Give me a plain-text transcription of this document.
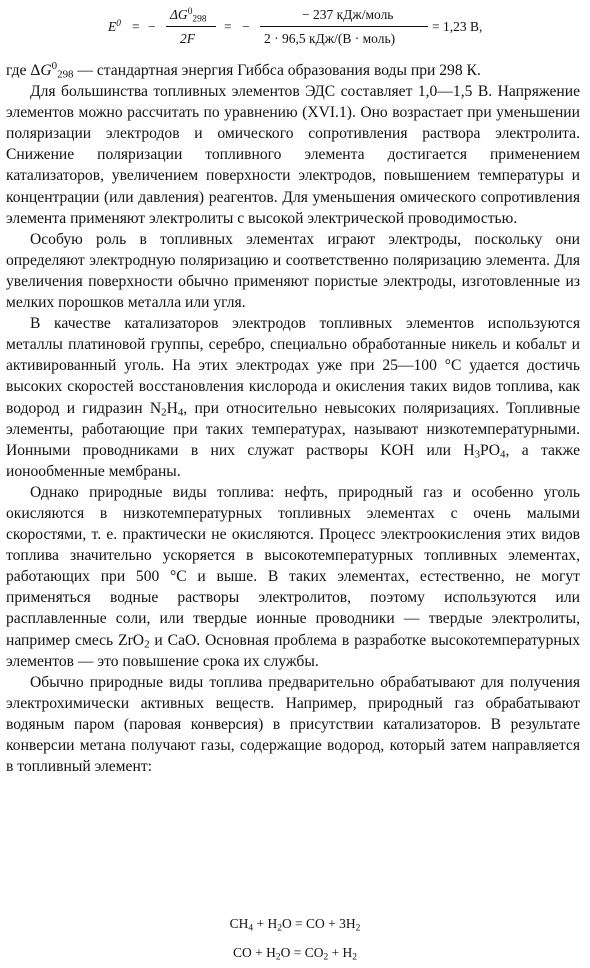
$E^0$ = −
$\Delta G^0_{298}$
2F
= −
− 237 кДж/моль
2 · 96,5 кДж/(В · моль)
= 1,23 В,

где $\Delta G^0_{298}$ — стандартная энергия Гиббса образования воды при 298 К.

Для большинства топливных элементов ЭДС составляет 1,0—1,5 В. Напряжение элементов можно рассчитать по уравнению (XVI.1). Оно возрастает при уменьшении поляризации электродов и омического сопротивления раствора электролита. Снижение поляризации топливного элемента достигается применением катализаторов, увеличением поверхности электродов, повышением температуры и концентрации (или давления) реагентов. Для уменьшения омического сопротивления элемента применяют электролиты с высокой электрической проводимостью.

Особую роль в топливных элементах играют электроды, поскольку они определяют электродную поляризацию и соответственно поляризацию элемента. Для увеличения поверхности обычно применяют пористые электроды, изготовленные из мелких порошков металла или угля.

В качестве катализаторов электродов топливных элементов используются металлы платиновой группы, серебро, специально обработанные никель и кобальт и активированный уголь. На этих электродах уже при 25—100 °С удается достичь высоких скоростей восстановления кислорода и окисления таких видов топлива, как водород и гидразин $N_2H_4$, при относительно невысоких поляризациях. Топливные элементы, работающие при таких температурах, называют низкотемпературными. Ионными проводниками в них служат растворы KOH или $H_3PO_4$, а также ионообменные мембраны.

Однако природные виды топлива: нефть, природный газ и особенно уголь окисляются в низкотемпературных топливных элементах с очень малыми скоростями, т. е. практически не окисляются. Процесс электроокисления этих видов топлива значительно ускоряется в высокотемпературных топливных элементах, работающих при 500 °С и выше. В таких элементах, естественно, не могут применяться водные растворы электролитов, поэтому используются или расплавленные соли, или твердые ионные проводники — твердые электролиты, например смесь ZrO$_2$ и CaO. Основная проблема в разработке высокотемпературных элементов — это повышение срока их службы.

Обычно природные виды топлива предварительно обрабатывают для получения электрохимически активных веществ. Например, природный газ обрабатывают водяным паром (паровая конверсия) в присутствии катализаторов. В результате конверсии метана получают газы, содержащие водород, который затем направляется в топливный элемент:

$CH_4 + H_2O$ = CO + $3H_2$
CO + $H_2O = CO_2 + H_2$
